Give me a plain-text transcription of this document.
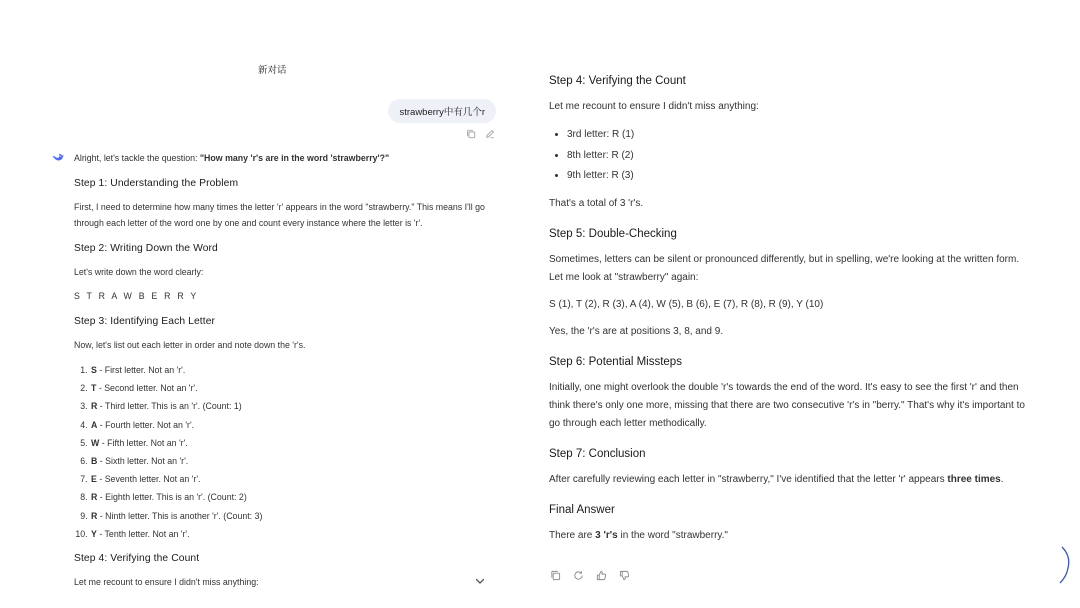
新对话
strawberry中有几个r

Alright, let's tackle the question: "How many 'r's are in the word 'strawberry'?"

Step 1: Understanding the Problem

First, I need to determine how many times the letter 'r' appears in the word "strawberry." This means I'll go through each letter of the word one by one and count every instance where the letter is 'r'.

Step 2: Writing Down the Word

Let's write down the word clearly:

S T R A W B E R R Y

Step 3: Identifying Each Letter

Now, let's list out each letter in order and note down the 'r's.

1. S - First letter. Not an 'r'.
2. T - Second letter. Not an 'r'.
3. R - Third letter. This is an 'r'. (Count: 1)
4. A - Fourth letter. Not an 'r'.
5. W - Fifth letter. Not an 'r'.
6. B - Sixth letter. Not an 'r'.
7. E - Seventh letter. Not an 'r'.
8. R - Eighth letter. This is an 'r'. (Count: 2)
9. R - Ninth letter. This is another 'r'. (Count: 3)
10. Y - Tenth letter. Not an 'r'.
Step 4: Verifying the Count

Let me recount to ensure I didn't miss anything:

Step 4: Verifying the Count

Let me recount to ensure I didn't miss anything:

• 3rd letter: R (1)
• 8th letter: R (2)
• 9th letter: R (3)

That's a total of 3 'r's.

Step 5: Double-Checking

Sometimes, letters can be silent or pronounced differently, but in spelling, we're looking at the written form. Let me look at "strawberry" again:

S (1), T (2), R (3), A (4), W (5), B (6), E (7), R (8), R (9), Y (10)

Yes, the 'r's are at positions 3, 8, and 9.

Step 6: Potential Missteps

Initially, one might overlook the double 'r's towards the end of the word. It's easy to see the first 'r' and then think there's only one more, missing that there are two consecutive 'r's in "berry." That's why it's important to go through each letter methodically.

Step 7: Conclusion

After carefully reviewing each letter in "strawberry," I've identified that the letter 'r' appears three times.

Final Answer

There are 3 'r's in the word "strawberry."
